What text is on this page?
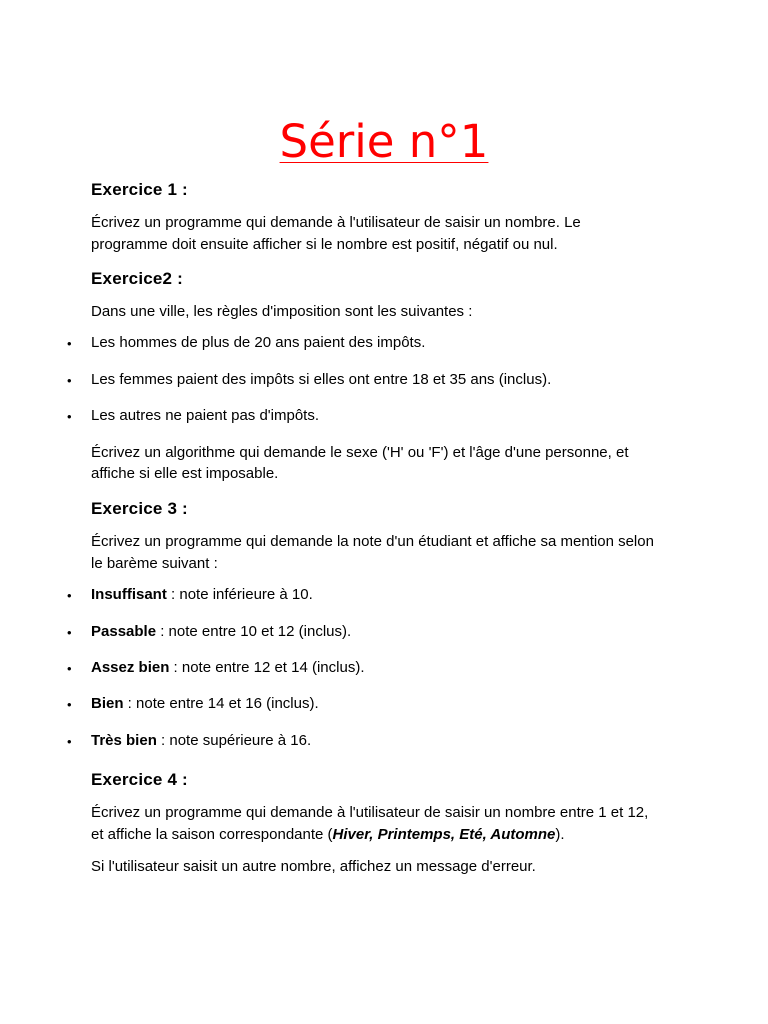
Série n°1
Exercice 1 :
Écrivez un programme qui demande à l'utilisateur de saisir un nombre. Le
programme doit ensuite afficher si le nombre est positif, négatif ou nul.
Exercice2 :
Dans une ville, les règles d'imposition sont les suivantes :
• Les hommes de plus de 20 ans paient des impôts.
• Les femmes paient des impôts si elles ont entre 18 et 35 ans (inclus).
• Les autres ne paient pas d'impôts.
Écrivez un algorithme qui demande le sexe ('H' ou 'F') et l'âge d'une personne, et
affiche si elle est imposable.
Exercice 3 :
Écrivez un programme qui demande la note d'un étudiant et affiche sa mention selon
le barème suivant :
• Insuffisant : note inférieure à 10.
• Passable : note entre 10 et 12 (inclus).
• Assez bien : note entre 12 et 14 (inclus).
• Bien : note entre 14 et 16 (inclus).
• Très bien : note supérieure à 16.
Exercice 4 :
Écrivez un programme qui demande à l'utilisateur de saisir un nombre entre 1 et 12,
et affiche la saison correspondante (Hiver, Printemps, Eté, Automne).
Si l'utilisateur saisit un autre nombre, affichez un message d'erreur.
